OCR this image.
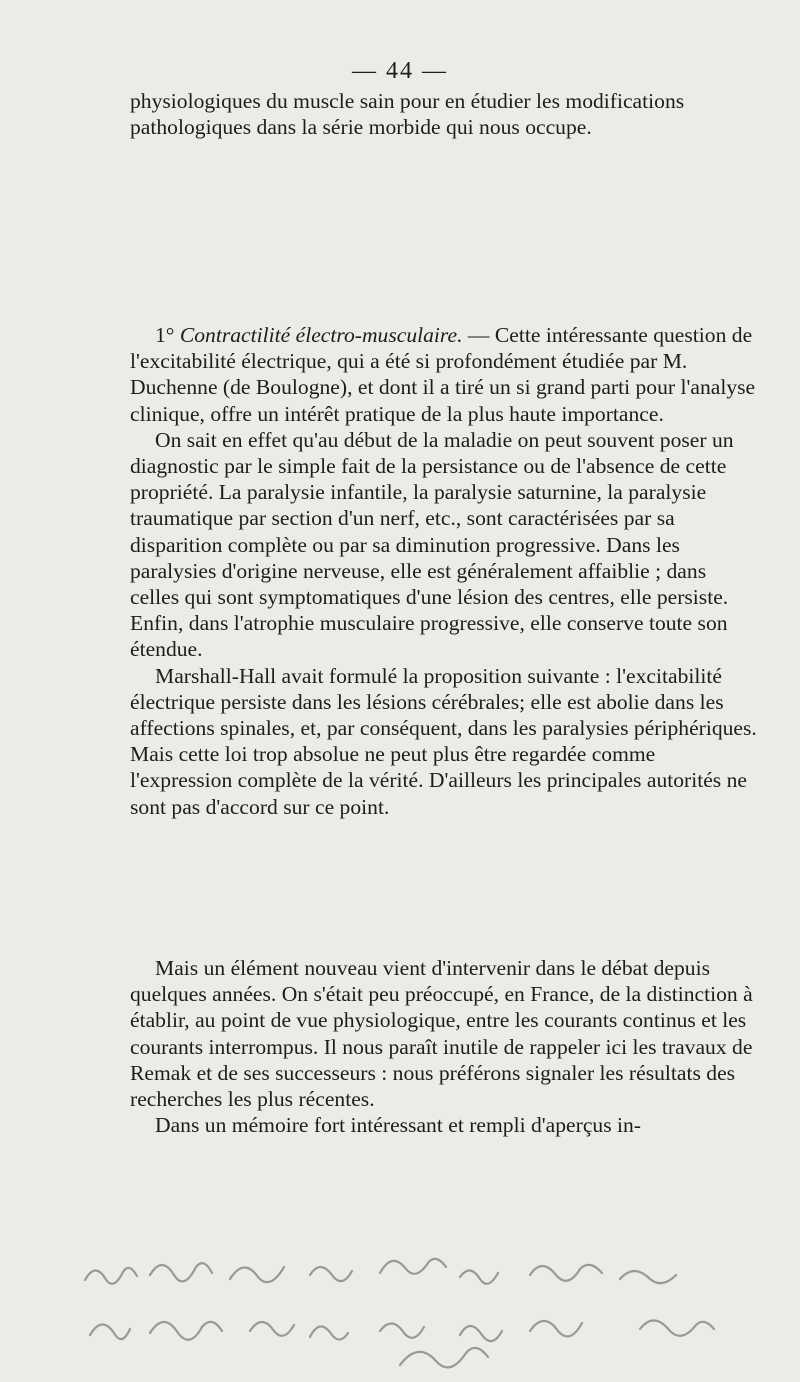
— 44 —

physiologiques du muscle sain pour en étudier les modifications pathologiques dans la série morbide qui nous occupe.

1° Contractilité électro-musculaire. — Cette intéressante question de l'excitabilité électrique, qui a été si profondément étudiée par M. Duchenne (de Boulogne), et dont il a tiré un si grand parti pour l'analyse clinique, offre un intérêt pratique de la plus haute importance.

On sait en effet qu'au début de la maladie on peut souvent poser un diagnostic par le simple fait de la persistance ou de l'absence de cette propriété. La paralysie infantile, la paralysie saturnine, la paralysie traumatique par section d'un nerf, etc., sont caractérisées par sa disparition complète ou par sa diminution progressive. Dans les paralysies d'origine nerveuse, elle est généralement affaiblie ; dans celles qui sont symptomatiques d'une lésion des centres, elle persiste. Enfin, dans l'atrophie musculaire progressive, elle conserve toute son étendue.

Marshall-Hall avait formulé la proposition suivante : l'excitabilité électrique persiste dans les lésions cérébrales; elle est abolie dans les affections spinales, et, par conséquent, dans les paralysies périphériques. Mais cette loi trop absolue ne peut plus être regardée comme l'expression complète de la vérité. D'ailleurs les principales autorités ne sont pas d'accord sur ce point.

Mais un élément nouveau vient d'intervenir dans le débat depuis quelques années. On s'était peu préoccupé, en France, de la distinction à établir, au point de vue physiologique, entre les courants continus et les courants interrompus. Il nous paraît inutile de rappeler ici les travaux de Remak et de ses successeurs : nous préférons signaler les résultats des recherches les plus récentes.

Dans un mémoire fort intéressant et rempli d'aperçus in-
